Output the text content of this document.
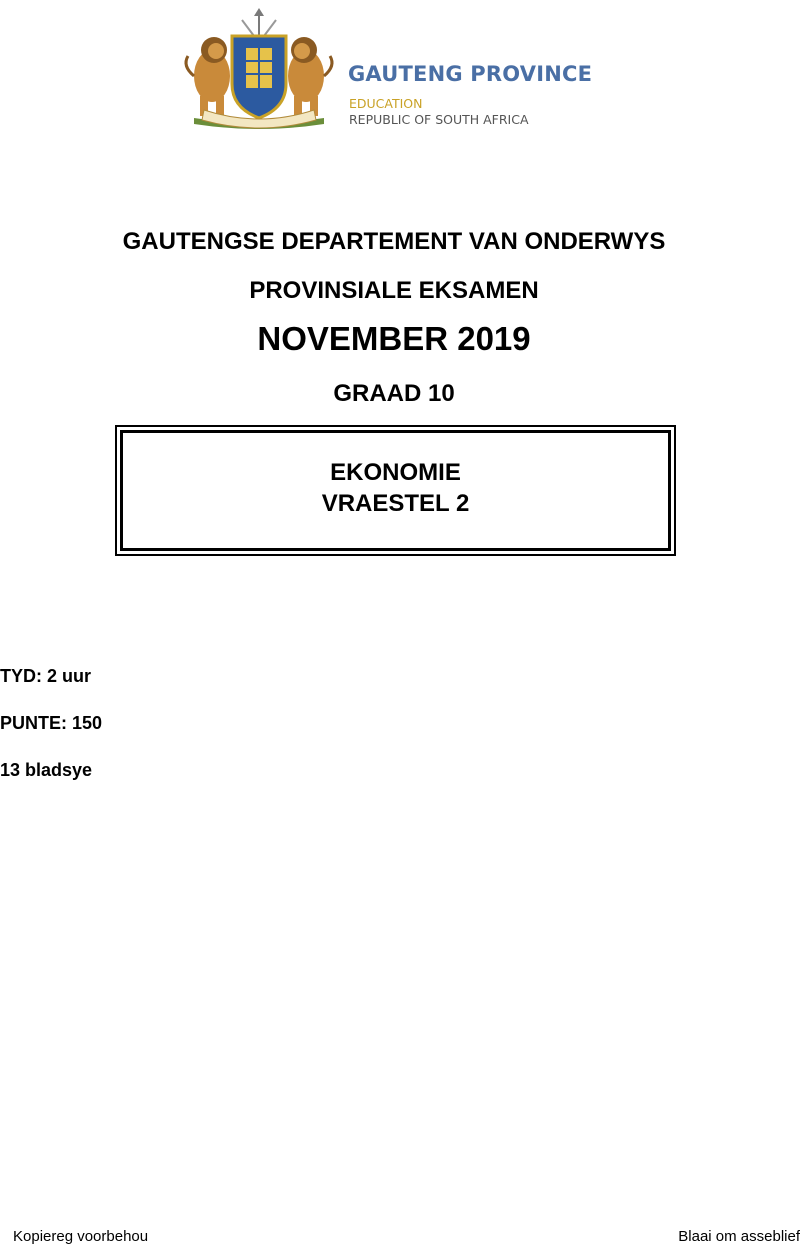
GAUTENG PROVINCE
EDUCATION
REPUBLIC OF SOUTH AFRICA
GAUTENGSE DEPARTEMENT VAN ONDERWYS
PROVINSIALE EKSAMEN
NOVEMBER 2019
GRAAD 10
EKONOMIE
VRAESTEL 2
TYD: 2 uur
PUNTE: 150
13 bladsye
Kopiereg voorbehou	Blaai om asseblief
